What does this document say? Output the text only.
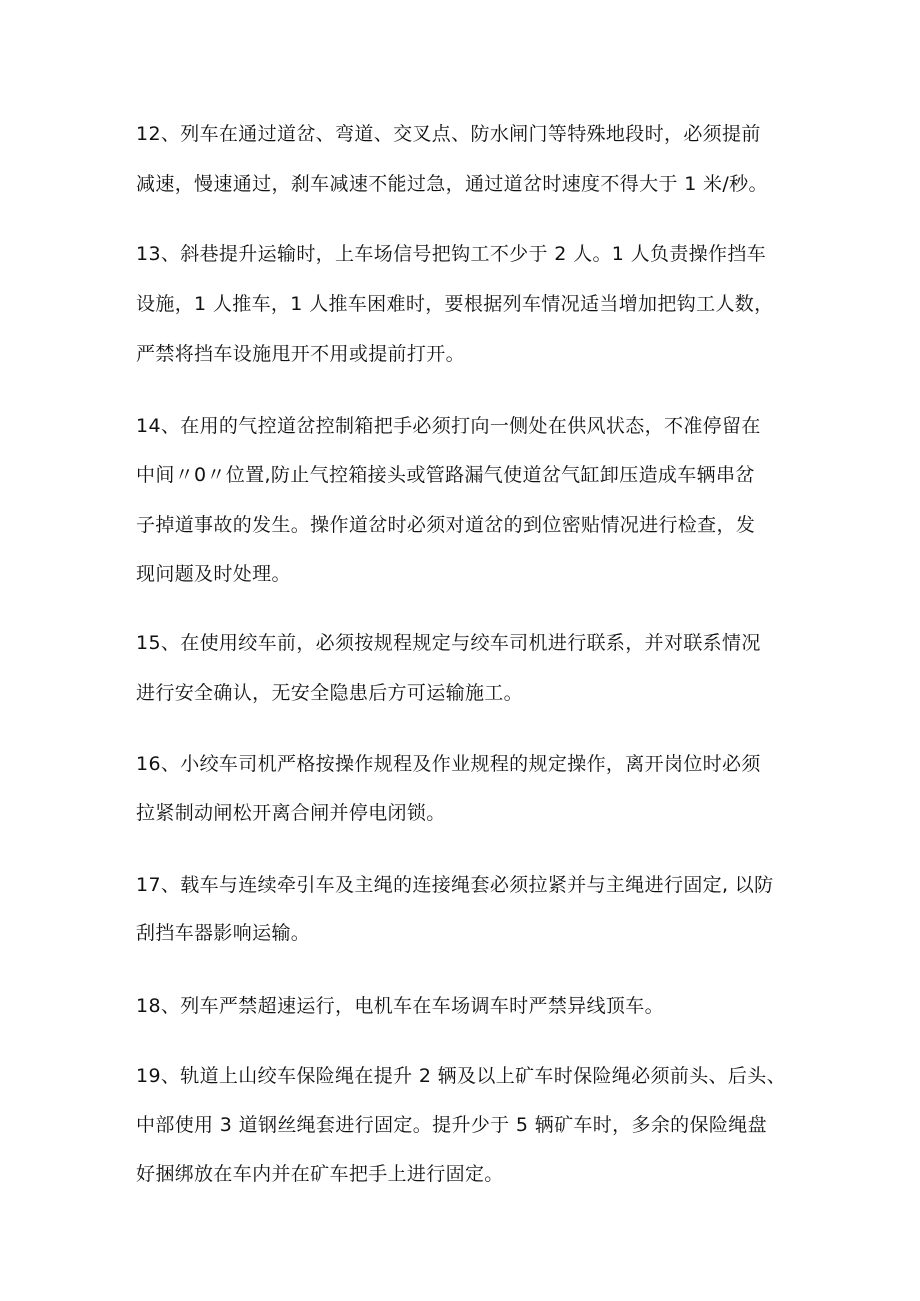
12、列车在通过道岔、弯道、交叉点、防水闸门等特殊地段时，必须提前
减速，慢速通过，刹车减速不能过急，通过道岔时速度不得大于 1 米/秒。
13、斜巷提升运输时，上车场信号把钩工不少于 2 人。1 人负责操作挡车
设施，1 人推车，1 人推车困难时，要根据列车情况适当增加把钩工人数，
严禁将挡车设施甩开不用或提前打开。
14、在用的气控道岔控制箱把手必须打向一侧处在供风状态，不准停留在
中间〃0〃位置,防止气控箱接头或管路漏气使道岔气缸卸压造成车辆串岔
子掉道事故的发生。操作道岔时必须对道岔的到位密贴情况进行检查，发
现问题及时处理。
15、在使用绞车前，必须按规程规定与绞车司机进行联系，并对联系情况
进行安全确认，无安全隐患后方可运输施工。
16、小绞车司机严格按操作规程及作业规程的规定操作，离开岗位时必须
拉紧制动闸松开离合闸并停电闭锁。
17、载车与连续牵引车及主绳的连接绳套必须拉紧并与主绳进行固定, 以防
刮挡车器影响运输。
18、列车严禁超速运行，电机车在车场调车时严禁异线顶车。
19、轨道上山绞车保险绳在提升 2 辆及以上矿车时保险绳必须前头、后头、
中部使用 3 道钢丝绳套进行固定。提升少于 5 辆矿车时，多余的保险绳盘
好捆绑放在车内并在矿车把手上进行固定。
